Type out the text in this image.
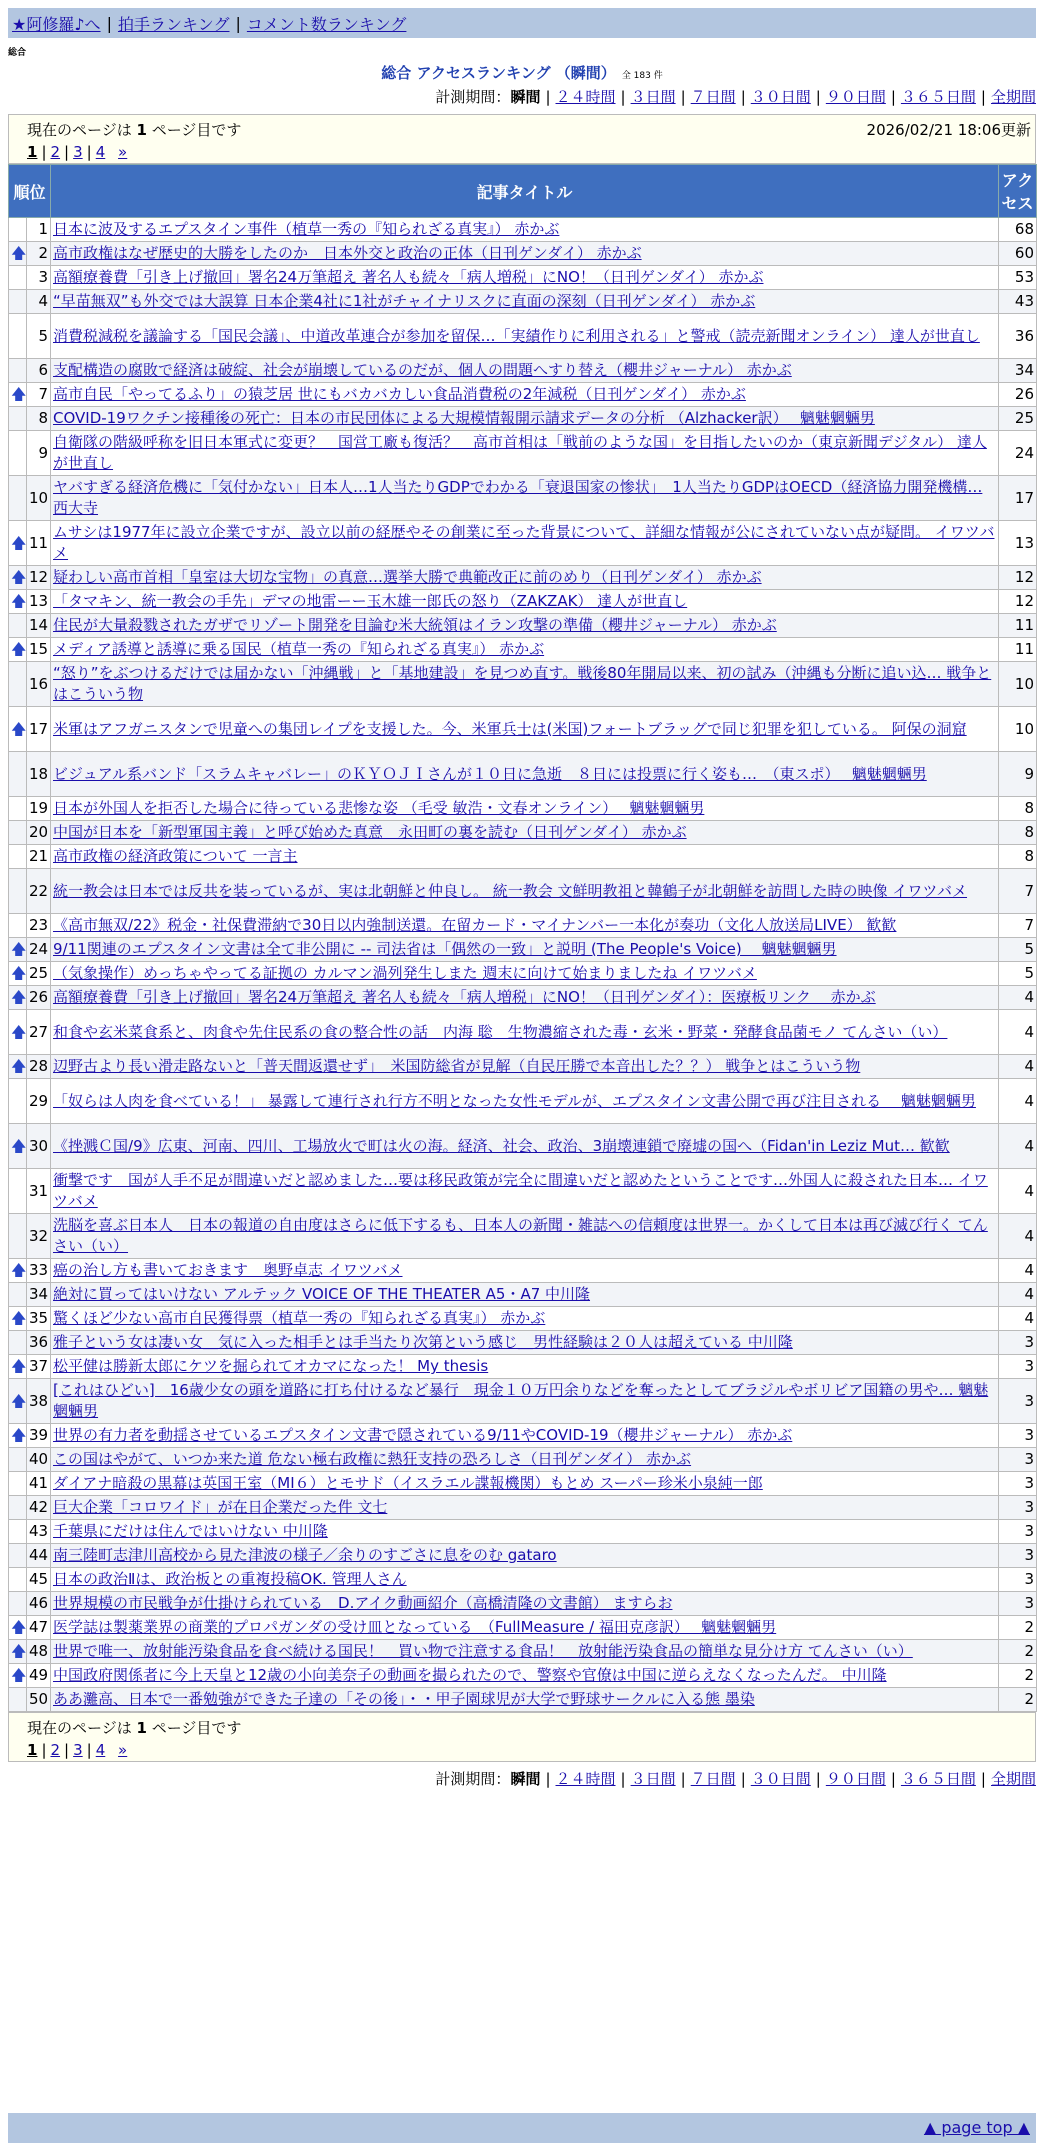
★阿修羅♪へ | 拍手ランキング | コメント数ランキング
総合
総合 アクセスランキング （瞬間） 全 183 件
計測期間：瞬間 | ２４時間 | ３日間 | ７日間 | ３０日間 | ９０日間 | ３６５日間 | 全期間
現在のページは 1 ページ目です	2026/02/21 18:06更新
1 | 2 | 3 | 4 »
順位		記事タイトル	アクセス
	1	日本に波及するエプスタイン事件（植草一秀の『知られざる真実』） 赤かぶ	68
🡅	2	高市政権はなぜ歴史的大勝をしたのか　日本外交と政治の正体（日刊ゲンダイ） 赤かぶ	60
	3	高額療養費「引き上げ撤回」署名24万筆超え 著名人も続々「病人増税」にNO！（日刊ゲンダイ） 赤かぶ	53
	4	“早苗無双”も外交では大誤算 日本企業4社に1社がチャイナリスクに直面の深刻（日刊ゲンダイ） 赤かぶ	43
	5	消費税減税を議論する「国民会議」、中道改革連合が参加を留保…「実績作りに利用される」と警戒（読売新聞オンライン） 達人が世直し	36
	6	支配構造の腐敗で経済は破綻、社会が崩壊しているのだが、個人の問題へすり替え（櫻井ジャーナル） 赤かぶ	34
🡅	7	高市自民「やってるふり」の猿芝居 世にもバカバカしい食品消費税の2年減税（日刊ゲンダイ） 赤かぶ	26
	8	COVID-19ワクチン接種後の死亡：日本の市民団体による大規模情報開示請求データの分析 （Alzhacker訳）　 魑魅魍魎男	25
	9	自衛隊の階級呼称を旧日本軍式に変更？　国営工廠も復活？　高市首相は「戦前のような国」を目指したいのか（東京新聞デジタル） 達人が世直し	24
	10	ヤバすぎる経済危機に「気付かない」日本人…1人当たりGDPでわかる「衰退国家の惨状」　1人当たりGDPはOECD（経済協力開発機構… 西大寺	17
🡅	11	ムサシは1977年に設立企業ですが、設立以前の経歴やその創業に至った背景について、詳細な情報が公にされていない点が疑問。 イワツバメ	13
🡅	12	疑わしい高市首相「皇室は大切な宝物」の真意…選挙大勝で典範改正に前のめり（日刊ゲンダイ） 赤かぶ	12
🡅	13	「タマキン、統一教会の手先」デマの地雷ーー玉木雄一郎氏の怒り（ZAKZAK） 達人が世直し	12
	14	住民が大量殺戮されたガザでリゾート開発を目論む米大統領はイラン攻撃の準備（櫻井ジャーナル） 赤かぶ	11
🡅	15	メディア誘導と誘導に乗る国民（植草一秀の『知られざる真実』） 赤かぶ	11
	16	“怒り”をぶつけるだけでは届かない「沖縄戦」と「基地建設」を見つめ直す。戦後80年開局以来、初の試み（沖縄も分断に追い込… 戦争とはこういう物	10
🡅	17	米軍はアフガニスタンで児童への集団レイプを支援した。今、米軍兵士は(米国)フォートブラッグで同じ犯罪を犯している。 阿保の洞窟	10
	18	ビジュアル系バンド「スラムキャバレー」のＫＹＯＪＩさんが１０日に急逝　８日には投票に行く姿も…　（東スポ）　 魑魅魍魎男	9
	19	日本が外国人を拒否した場合に待っている悲惨な姿 （毛受 敏浩・文春オンライン）　 魑魅魍魎男	8
	20	中国が日本を「新型軍国主義」と呼び始めた真意　永田町の裏を読む（日刊ゲンダイ） 赤かぶ	8
	21	高市政権の経済政策について 一言主	8
	22	統一教会は日本では反共を装っているが、実は北朝鮮と仲良し。 統一教会 文鮮明教祖と韓鶴子が北朝鮮を訪問した時の映像 イワツバメ	7
	23	《高市無双/22》税金・社保費滞納で30日以内強制送還。在留カード・マイナンバー一本化が奏功（文化人放送局LIVE） 歓歓	7
🡅	24	9/11関連のエプスタイン文書は全て非公開に -- 司法省は「偶然の一致」と説明 (The People's Voice)　 魑魅魍魎男	5
🡅	25	（気象操作）めっちゃやってる証拠の カルマン渦列発生しまた 週末に向けて始まりましたね イワツバメ	5
🡅	26	高額療養費「引き上げ撤回」署名24万筆超え 著名人も続々「病人増税」にNO！（日刊ゲンダイ）：医療板リンク　 赤かぶ	4
🡅	27	和食や玄米菜食系と、肉食や先住民系の食の整合性の話　内海 聡　生物濃縮された毒・玄米・野菜・発酵食品菌モノ てんさい（い）	4
🡅	28	辺野古より長い滑走路ないと「普天間返還せず」　米国防総省が見解（自民圧勝で本音出した？？） 戦争とはこういう物	4
	29	「奴らは人肉を食べている！」 暴露して連行され行方不明となった女性モデルが、エプスタイン文書公開で再び注目される　 魑魅魍魎男	4
🡅	30	《挫溅Ｃ国/9》広東、河南、四川、工場放火で町は火の海。経済、社会、政治、3崩壊連鎖で廃墟の国へ（Fidan'in Leziz Mut… 歓歓	4
	31	衝撃です　国が人手不足が間違いだと認めました…要は移民政策が完全に間違いだと認めたということです…外国人に殺された日本… イワツバメ	4
	32	洗脳を喜ぶ日本人　日本の報道の自由度はさらに低下するも、日本人の新聞・雑誌への信頼度は世界一。かくして日本は再び滅び行く てんさい（い）	4
🡅	33	癌の治し方も書いておきます　奥野卓志 イワツバメ	4
	34	絶対に買ってはいけない アルテック VOICE OF THE THEATER A5・A7 中川隆	4
🡅	35	驚くほど少ない高市自民獲得票（植草一秀の『知られざる真実』） 赤かぶ	4
	36	雅子という女は凄い女＿気に入った相手とは手当たり次第という感じ＿男性経験は２０人は超えている 中川隆	3
🡅	37	松平健は勝新太郎にケツを掘られてオカマになった！ My thesis	3
🡅	38	[これはひどい]　16歳少女の頭を道路に打ち付けるなど暴行　現金１０万円余りなどを奪ったとしてブラジルやボリビア国籍の男や… 魑魅魍魎男	3
🡅	39	世界の有力者を動揺させているエプスタイン文書で隠されている9/11やCOVID-19（櫻井ジャーナル） 赤かぶ	3
	40	この国はやがて、いつか来た道 危ない極右政権に熱狂支持の恐ろしさ（日刊ゲンダイ） 赤かぶ	3
	41	ダイアナ暗殺の黒幕は英国王室（MI６）とモサド（イスラエル諜報機関）もとめ スーパー珍米小泉純一郎	3
	42	巨大企業「コロワイド」が在日企業だった件 文七	3
	43	千葉県にだけは住んではいけない 中川隆	3
	44	南三陸町志津川高校から見た津波の様子／余りのすごさに息をのむ gataro	3
	45	日本の政治Ⅱは、政治板との重複投稿OK. 管理人さん	3
	46	世界規模の市民戦争が仕掛けられている　D.アイク動画紹介（高橋清隆の文書館） ますらお	3
🡅	47	医学誌は製薬業界の商業的プロパガンダの受け皿となっている　（FullMeasure / 福田克彦訳）　 魑魅魍魎男	2
🡅	48	世界で唯一、放射能汚染食品を食べ続ける国民！　買い物で注意する食品！　放射能汚染食品の簡単な見分け方 てんさい（い）	2
🡅	49	中国政府関係者に今上天皇と12歳の小向美奈子の動画を撮られたので、警察や官僚は中国に逆らえなくなったんだ。 中川隆	2
	50	ああ灘高、日本で一番勉強ができた子達の「その後」・・甲子園球児が大学で野球サークルに入る態 墨染	2
現在のページは 1 ページ目です
1 | 2 | 3 | 4 »
計測期間：瞬間 | ２４時間 | ３日間 | ７日間 | ３０日間 | ９０日間 | ３６５日間 | 全期間
▲ page top ▲
